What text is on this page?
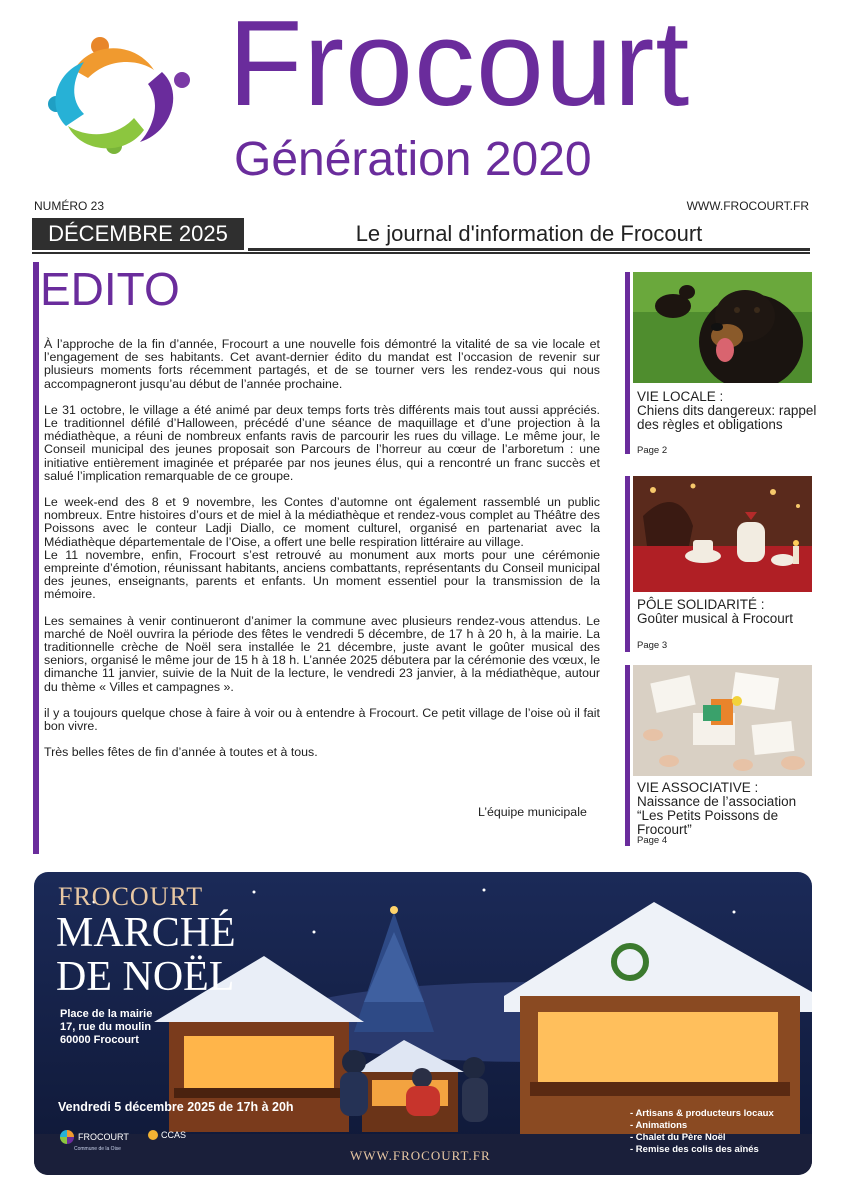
Frocourt
Génération 2020
NUMÉRO 23	WWW.FROCOURT.FR
DÉCEMBRE 2025	Le journal d'information de Frocourt
EDITO

À l’approche de la fin d’année, Frocourt a une nouvelle fois démontré la vitalité de sa vie locale et l’engagement de ses habitants. Cet avant-dernier édito du mandat est l’occasion de revenir sur plusieurs moments forts récemment partagés, et de se tourner vers les rendez-vous qui nous accompagneront jusqu’au début de l’année prochaine.

Le 31 octobre, le village a été animé par deux temps forts très différents mais tout aussi appréciés. Le traditionnel défilé d’Halloween, précédé d’une séance de maquillage et d’une projection à la médiathèque, a réuni de nombreux enfants ravis de parcourir les rues du village. Le même jour, le Conseil municipal des jeunes proposait son Parcours de l’horreur au cœur de l’arboretum : une initiative entièrement imaginée et préparée par nos jeunes élus, qui a rencontré un franc succès et salué l’implication remarquable de ce groupe.

Le week-end des 8 et 9 novembre, les Contes d’automne ont également rassemblé un public nombreux. Entre histoires d’ours et de miel à la médiathèque et rendez-vous complet au Théâtre des Poissons avec le conteur Ladji Diallo, ce moment culturel, organisé en partenariat avec la Médiathèque départementale de l’Oise, a offert une belle respiration littéraire au village.

Le 11 novembre, enfin, Frocourt s’est retrouvé au monument aux morts pour une cérémonie empreinte d’émotion, réunissant habitants, anciens combattants, représentants du Conseil municipal des jeunes, enseignants, parents et enfants. Un moment essentiel pour la transmission de la mémoire.

Les semaines à venir continueront d’animer la commune avec plusieurs rendez-vous attendus. Le marché de Noël ouvrira la période des fêtes le vendredi 5 décembre, de 17 h à 20 h, à la mairie. La traditionnelle crèche de Noël sera installée le 21 décembre, juste avant le goûter musical des seniors, organisé le même jour de 15 h à 18 h. L’année 2025 débutera par la cérémonie des vœux, le dimanche 11 janvier, suivie de la Nuit de la lecture, le vendredi 23 janvier, à la médiathèque, autour du thème « Villes et campagnes ».

il y a toujours quelque chose à faire à voir ou à entendre à Frocourt. Ce petit village de l’oise où il fait bon vivre.

Très belles fêtes de fin d’année à toutes et à tous.

L’équipe municipale
VIE LOCALE :
Chiens dits dangereux: rappel des règles et obligations
Page 2
PÔLE SOLIDARITÉ :
Goûter musical à Frocourt
Page 3
VIE ASSOCIATIVE :
Naissance de l’association “Les Petits Poissons de Frocourt”
Page 4
FROCOURT
MARCHÉ
DE NOËL
Place de la mairie
17, rue du moulin
60000 Frocourt
Vendredi 5 décembre 2025 de 17h à 20h
FROCOURT
Commune de la Oise
CCAS
WWW.FROCOURT.FR
- Artisans & producteurs locaux
- Animations
- Chalet du Père Noël
- Remise des colis des aînés
